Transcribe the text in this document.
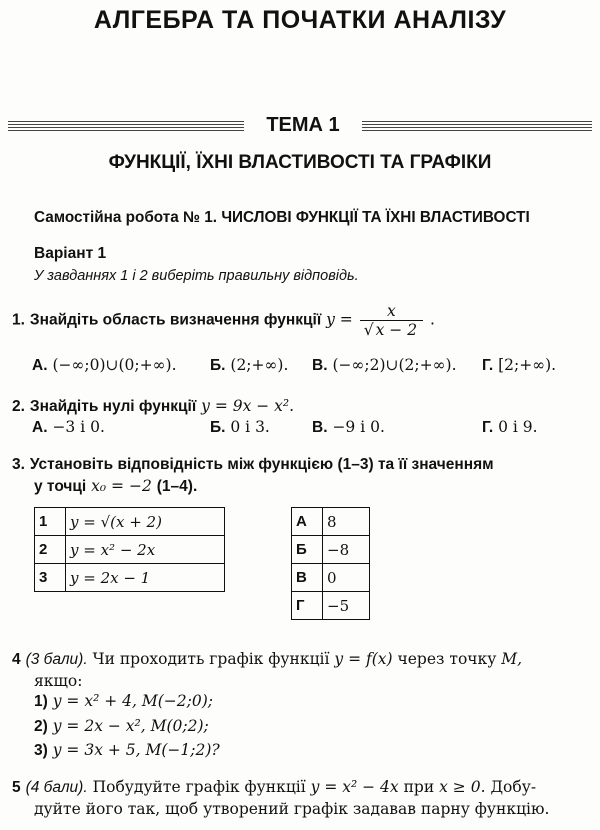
АЛГЕБРА ТА ПОЧАТКИ АНАЛІЗУ
ТЕМА 1
ФУНКЦІЇ, ЇХНІ ВЛАСТИВОСТІ ТА ГРАФІКИ
Самостійна робота № 1. ЧИСЛОВІ ФУНКЦІЇ ТА ЇХНІ ВЛАСТИВОСТІ
Варіант 1
У завданнях 1 і 2 виберіть правильну відповідь.
1. Знайдіть область визначення функції $y = \frac{x}{√ x - 2}$ .
А. (−∞;0)∪(0;+∞). Б. (2;+∞). В. (−∞;2)∪(2;+∞). Г. [2;+∞).
2. Знайдіть нулі функції y = 9x − x².
А. −3 і 0.	Б. 0 і 3.	В. −9 і 0.	Г. 0 і 9.
3. Установіть відповідність між функцією (1–3) та її значенням
у точці x₀ = −2 (1–4).
1	y = √(x + 2)		А	8
2	y = x² − 2x		Б	−8
3	y = 2x − 1		В	0
			Г	−5
4 (3 бали). Чи проходить графік функції y = f(x) через точку M,
якщо:
1) y = x² + 4, M(−2;0);
2) y = 2x − x², M(0;2);
3) y = 3x + 5, M(−1;2)?
5 (4 бали). Побудуйте графік функції y = x² − 4x при x ≥ 0. Добу-
дуйте його так, щоб утворений графік задавав парну функцію.
